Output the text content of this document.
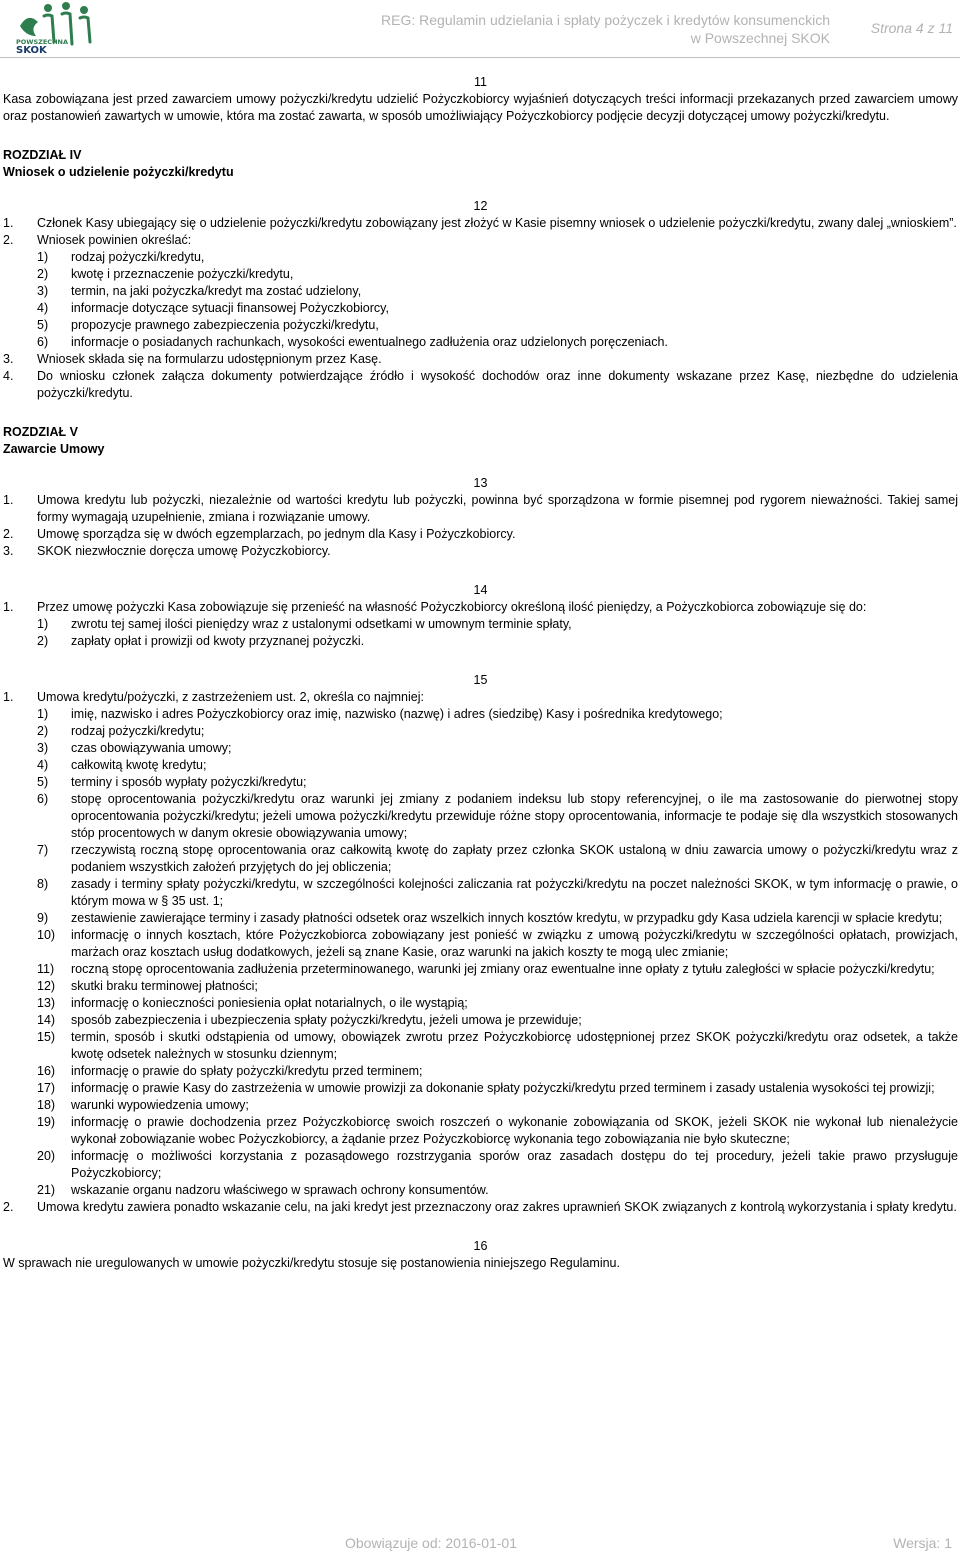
POWSZECHNA
SKOK
REG: Regulamin udzielania i spłaty pożyczek i kredytów konsumenckich
w Powszechnej SKOK
Strona 4 z 11

11

Kasa zobowiązana jest przed zawarciem umowy pożyczki/kredytu udzielić Pożyczkobiorcy wyjaśnień dotyczących treści informacji przekazanych przed zawarciem umowy oraz postanowień zawartych w umowie, która ma zostać zawarta, w sposób umożliwiający Pożyczkobiorcy podjęcie decyzji dotyczącej umowy pożyczki/kredytu.

ROZDZIAŁ IV

Wniosek o udzielenie pożyczki/kredytu

12

1.	Członek Kasy ubiegający się o udzielenie pożyczki/kredytu zobowiązany jest złożyć w Kasie pisemny wniosek o udzielenie pożyczki/kredytu, zwany dalej „wnioskiem”.
2.	Wniosek powinien określać:
1)	rodzaj pożyczki/kredytu,
2)	kwotę i przeznaczenie pożyczki/kredytu,
3)	termin, na jaki pożyczka/kredyt ma zostać udzielony,
4)	informacje dotyczące sytuacji finansowej Pożyczkobiorcy,
5)	propozycje prawnego zabezpieczenia pożyczki/kredytu,
6)	informacje o posiadanych rachunkach, wysokości ewentualnego zadłużenia oraz udzielonych poręczeniach.
3.	Wniosek składa się na formularzu udostępnionym przez Kasę.
4.	Do wniosku członek załącza dokumenty potwierdzające źródło i wysokość dochodów oraz inne dokumenty wskazane przez Kasę, niezbędne do udzielenia pożyczki/kredytu.

ROZDZIAŁ V

Zawarcie Umowy

13

1.	Umowa kredytu lub pożyczki, niezależnie od wartości kredytu lub pożyczki, powinna być sporządzona w formie pisemnej pod rygorem nieważności. Takiej samej formy wymagają uzupełnienie, zmiana i rozwiązanie umowy.
2.	Umowę sporządza się w dwóch egzemplarzach, po jednym dla Kasy i Pożyczkobiorcy.
3.	SKOK niezwłocznie doręcza umowę Pożyczkobiorcy.

14

1.	Przez umowę pożyczki Kasa zobowiązuje się przenieść na własność Pożyczkobiorcy określoną ilość pieniędzy, a Pożyczkobiorca zobowiązuje się do:
1)	zwrotu tej samej ilości pieniędzy wraz z ustalonymi odsetkami w umownym terminie spłaty,
2)	zapłaty opłat i prowizji od kwoty przyznanej pożyczki.

15

1.	Umowa kredytu/pożyczki, z zastrzeżeniem ust. 2, określa co najmniej:
1)	imię, nazwisko i adres Pożyczkobiorcy oraz imię, nazwisko (nazwę) i adres (siedzibę) Kasy i pośrednika kredytowego;
2)	rodzaj pożyczki/kredytu;
3)	czas obowiązywania umowy;
4)	całkowitą kwotę kredytu;
5)	terminy i sposób wypłaty pożyczki/kredytu;
6)	stopę oprocentowania pożyczki/kredytu oraz warunki jej zmiany z podaniem indeksu lub stopy referencyjnej, o ile ma zastosowanie do pierwotnej stopy oprocentowania pożyczki/kredytu; jeżeli umowa pożyczki/kredytu przewiduje różne stopy oprocentowania, informacje te podaje się dla wszystkich stosowanych stóp procentowych w danym okresie obowiązywania umowy;
7)	rzeczywistą roczną stopę oprocentowania oraz całkowitą kwotę do zapłaty przez członka SKOK ustaloną w dniu zawarcia umowy o pożyczki/kredytu wraz z podaniem wszystkich założeń przyjętych do jej obliczenia;
8)	zasady i terminy spłaty pożyczki/kredytu, w szczególności kolejności zaliczania rat pożyczki/kredytu na poczet należności SKOK, w tym informację o prawie, o którym mowa w § 35 ust. 1;
9)	zestawienie zawierające terminy i zasady płatności odsetek oraz wszelkich innych kosztów kredytu, w przypadku gdy Kasa udziela karencji w spłacie kredytu;
10)	informację o innych kosztach, które Pożyczkobiorca zobowiązany jest ponieść w związku z umową pożyczki/kredytu w szczególności opłatach, prowizjach, marżach oraz kosztach usług dodatkowych, jeżeli są znane Kasie, oraz warunki na jakich koszty te mogą ulec zmianie;
11)	roczną stopę oprocentowania zadłużenia przeterminowanego, warunki jej zmiany oraz ewentualne inne opłaty z tytułu zaległości w spłacie pożyczki/kredytu;
12)	skutki braku terminowej płatności;
13)	informację o konieczności poniesienia opłat notarialnych, o ile wystąpią;
14)	sposób zabezpieczenia i ubezpieczenia spłaty pożyczki/kredytu, jeżeli umowa je przewiduje;
15)	termin, sposób i skutki odstąpienia od umowy, obowiązek zwrotu przez Pożyczkobiorcę udostępnionej przez SKOK pożyczki/kredytu oraz odsetek, a także kwotę odsetek należnych w stosunku dziennym;
16)	informację o prawie do spłaty pożyczki/kredytu przed terminem;
17)	informację o prawie Kasy do zastrzeżenia w umowie prowizji za dokonanie spłaty pożyczki/kredytu przed terminem i zasady ustalenia wysokości tej prowizji;
18)	warunki wypowiedzenia umowy;
19)	informację o prawie dochodzenia przez Pożyczkobiorcę swoich roszczeń o wykonanie zobowiązania od SKOK, jeżeli SKOK nie wykonał lub nienależycie wykonał zobowiązanie wobec Pożyczkobiorcy, a żądanie przez Pożyczkobiorcę wykonania tego zobowiązania nie było skuteczne;
20)	informację o możliwości korzystania z pozasądowego rozstrzygania sporów oraz zasadach dostępu do tej procedury, jeżeli takie prawo przysługuje Pożyczkobiorcy;
21)	wskazanie organu nadzoru właściwego w sprawach ochrony konsumentów.
2.	Umowa kredytu zawiera ponadto wskazanie celu, na jaki kredyt jest przeznaczony oraz zakres uprawnień SKOK związanych z kontrolą wykorzystania i spłaty kredytu.

16

W sprawach nie uregulowanych w umowie pożyczki/kredytu stosuje się postanowienia niniejszego Regulaminu.

Obowiązuje od: 2016-01-01	Wersja: 1
